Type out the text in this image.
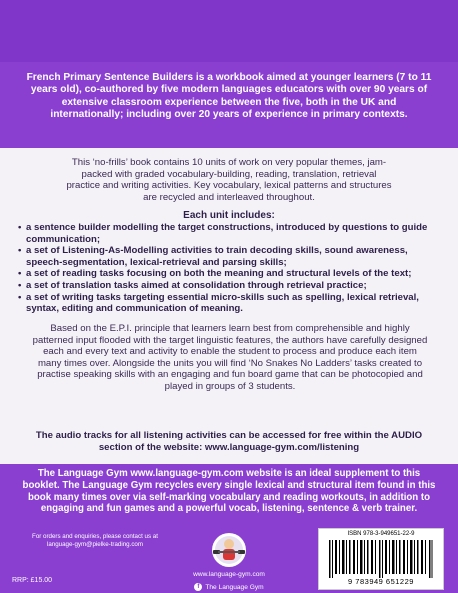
French Primary Sentence Builders is a workbook aimed at younger learners (7 to 11 years old), co-authored by five modern languages educators with over 90 years of extensive classroom experience between the five, both in the UK and internationally; including over 20 years of experience in primary contexts.
This ‘no-frills’ book contains 10 units of work on very popular themes, jam-packed with graded vocabulary-building, reading, translation, retrieval practice and writing activities. Key vocabulary, lexical patterns and structures are recycled and interleaved throughout.
Each unit includes:
• a sentence builder modelling the target constructions, introduced by questions to guide communication;
• a set of Listening-As-Modelling activities to train decoding skills, sound awareness, speech-segmentation, lexical-retrieval and parsing skills;
• a set of reading tasks focusing on both the meaning and structural levels of the text;
• a set of translation tasks aimed at consolidation through retrieval practice;
• a set of writing tasks targeting essential micro-skills such as spelling, lexical retrieval, syntax, editing and communication of meaning.
Based on the E.P.I. principle that learners learn best from comprehensible and highly patterned input flooded with the target linguistic features, the authors have carefully designed each and every text and activity to enable the student to process and produce each item many times over. Alongside the units you will find ‘No Snakes No Ladders’ tasks created to practise speaking skills with an engaging and fun board game that can be photocopied and played in groups of 3 students.
The audio tracks for all listening activities can be accessed for free within the AUDIO section of the website: www.language-gym.com/listening
The Language Gym www.language-gym.com website is an ideal supplement to this booklet. The Language Gym recycles every single lexical and structural item found in this book many times over via self-marking vocabulary and reading workouts, in addition to engaging and fun games and a powerful vocab, listening, sentence & verb trainer.
For orders and enquiries, please contact us at language-gym@pielke-trading.com
RRP: £15.00
www.language-gym.com
f The Language Gym
ISBN 978-3-949651-22-9
9 783949 651229
